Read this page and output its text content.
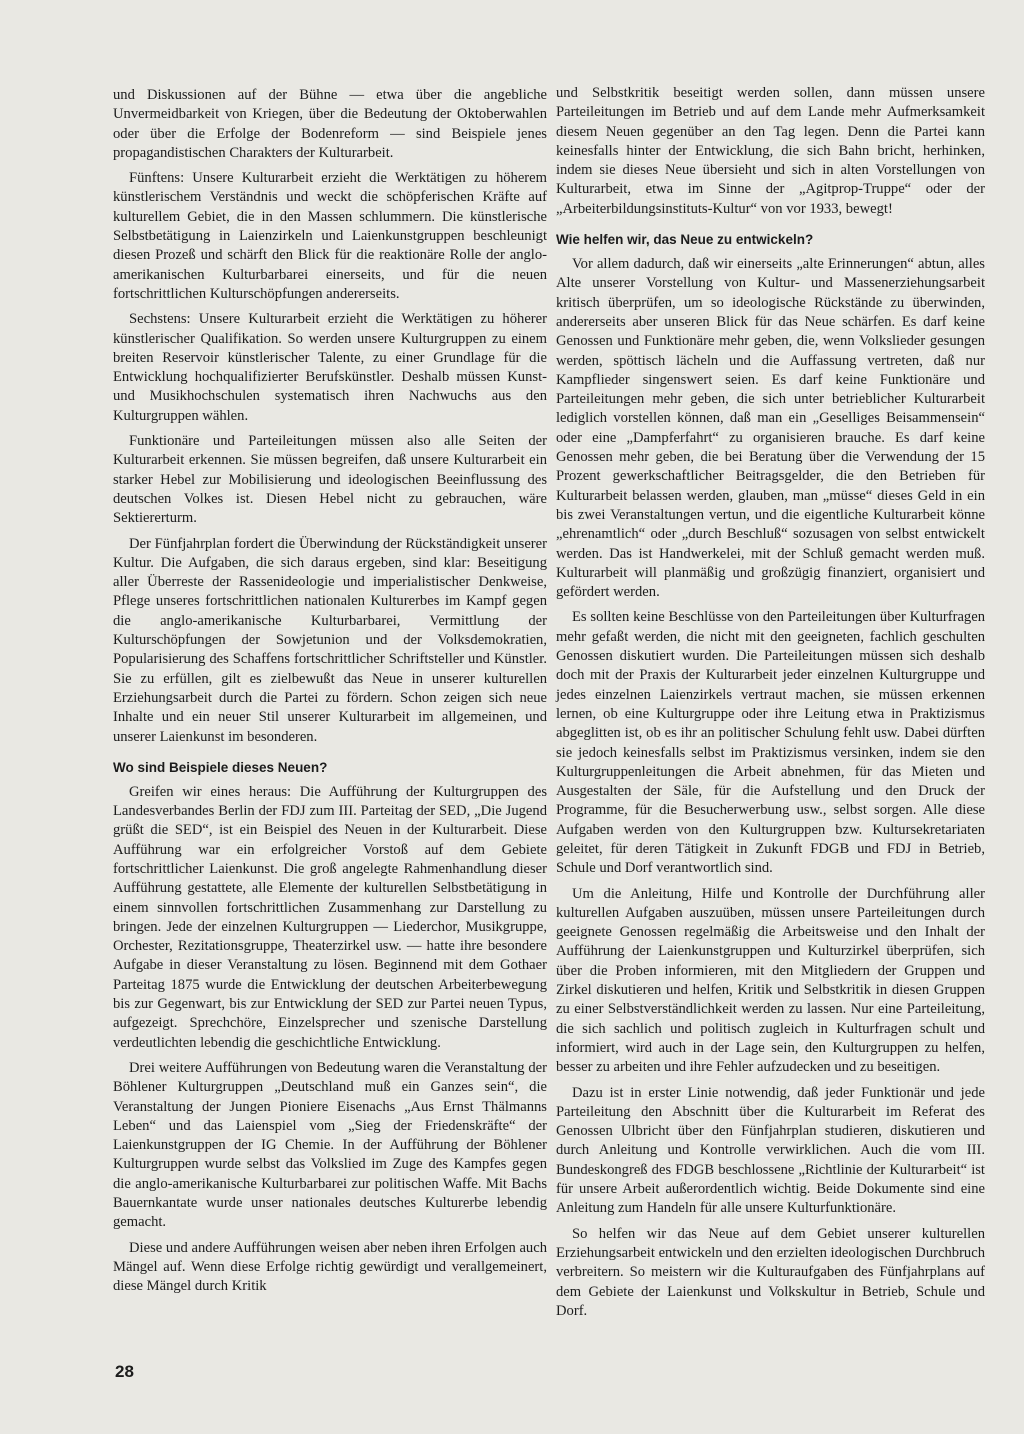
und Diskussionen auf der Bühne — etwa über die angebliche Unvermeidbarkeit von Kriegen, über die Bedeutung der Oktoberwahlen oder über die Erfolge der Bodenreform — sind Beispiele jenes propagandistischen Charakters der Kulturarbeit.

Fünftens: Unsere Kulturarbeit erzieht die Werktätigen zu höherem künstlerischem Verständnis und weckt die schöpferischen Kräfte auf kulturellem Gebiet, die in den Massen schlummern. Die künstlerische Selbstbetätigung in Laienzirkeln und Laienkunstgruppen beschleunigt diesen Prozeß und schärft den Blick für die reaktionäre Rolle der anglo-amerikanischen Kulturbarbarei einerseits, und für die neuen fortschrittlichen Kulturschöpfungen andererseits.

Sechstens: Unsere Kulturarbeit erzieht die Werktätigen zu höherer künstlerischer Qualifikation. So werden unsere Kulturgruppen zu einem breiten Reservoir künstlerischer Talente, zu einer Grundlage für die Entwicklung hochqualifizierter Berufskünstler. Deshalb müssen Kunst- und Musikhochschulen systematisch ihren Nachwuchs aus den Kulturgruppen wählen.

Funktionäre und Parteileitungen müssen also alle Seiten der Kulturarbeit erkennen. Sie müssen begreifen, daß unsere Kulturarbeit ein starker Hebel zur Mobilisierung und ideologischen Beeinflussung des deutschen Volkes ist. Diesen Hebel nicht zu gebrauchen, wäre Sektiererturm.

Der Fünfjahrplan fordert die Überwindung der Rückständigkeit unserer Kultur. Die Aufgaben, die sich daraus ergeben, sind klar: Beseitigung aller Überreste der Rassenideologie und imperialistischer Denkweise, Pflege unseres fortschrittlichen nationalen Kulturerbes im Kampf gegen die anglo-amerikanische Kulturbarbarei, Vermittlung der Kulturschöpfungen der Sowjetunion und der Volksdemokratien, Popularisierung des Schaffens fortschrittlicher Schriftsteller und Künstler. Sie zu erfüllen, gilt es zielbewußt das Neue in unserer kulturellen Erziehungsarbeit durch die Partei zu fördern. Schon zeigen sich neue Inhalte und ein neuer Stil unserer Kulturarbeit im allgemeinen, und unserer Laienkunst im besonderen.

Wo sind Beispiele dieses Neuen?

Greifen wir eines heraus: Die Aufführung der Kulturgruppen des Landesverbandes Berlin der FDJ zum III. Parteitag der SED, „Die Jugend grüßt die SED“, ist ein Beispiel des Neuen in der Kulturarbeit. Diese Aufführung war ein erfolgreicher Vorstoß auf dem Gebiete fortschrittlicher Laienkunst. Die groß angelegte Rahmenhandlung dieser Aufführung gestattete, alle Elemente der kulturellen Selbstbetätigung in einem sinnvollen fortschrittlichen Zusammenhang zur Darstellung zu bringen. Jede der einzelnen Kulturgruppen — Liederchor, Musikgruppe, Orchester, Rezitationsgruppe, Theaterzirkel usw. — hatte ihre besondere Aufgabe in dieser Veranstaltung zu lösen. Beginnend mit dem Gothaer Parteitag 1875 wurde die Entwicklung der deutschen Arbeiterbewegung bis zur Gegenwart, bis zur Entwicklung der SED zur Partei neuen Typus, aufgezeigt. Sprechchöre, Einzelsprecher und szenische Darstellung verdeutlichten lebendig die geschichtliche Entwicklung.

Drei weitere Aufführungen von Bedeutung waren die Veranstaltung der Böhlener Kulturgruppen „Deutschland muß ein Ganzes sein“, die Veranstaltung der Jungen Pioniere Eisenachs „Aus Ernst Thälmanns Leben“ und das Laienspiel vom „Sieg der Friedenskräfte“ der Laienkunstgruppen der IG Chemie. In der Aufführung der Böhlener Kulturgruppen wurde selbst das Volkslied im Zuge des Kampfes gegen die anglo-amerikanische Kulturbarbarei zur politischen Waffe. Mit Bachs Bauernkantate wurde unser nationales deutsches Kulturerbe lebendig gemacht.

Diese und andere Aufführungen weisen aber neben ihren Erfolgen auch Mängel auf. Wenn diese Erfolge richtig gewürdigt und verallgemeinert, diese Mängel durch Kritik

und Selbstkritik beseitigt werden sollen, dann müssen unsere Parteileitungen im Betrieb und auf dem Lande mehr Aufmerksamkeit diesem Neuen gegenüber an den Tag legen. Denn die Partei kann keinesfalls hinter der Entwicklung, die sich Bahn bricht, herhinken, indem sie dieses Neue übersieht und sich in alten Vorstellungen von Kulturarbeit, etwa im Sinne der „Agitprop-Truppe“ oder der „Arbeiterbildungsinstituts-Kultur“ von vor 1933, bewegt!

Wie helfen wir, das Neue zu entwickeln?

Vor allem dadurch, daß wir einerseits „alte Erinnerungen“ abtun, alles Alte unserer Vorstellung von Kultur- und Massenerziehungsarbeit kritisch überprüfen, um so ideologische Rückstände zu überwinden, andererseits aber unseren Blick für das Neue schärfen. Es darf keine Genossen und Funktionäre mehr geben, die, wenn Volkslieder gesungen werden, spöttisch lächeln und die Auffassung vertreten, daß nur Kampflieder singenswert seien. Es darf keine Funktionäre und Parteileitungen mehr geben, die sich unter betrieblicher Kulturarbeit lediglich vorstellen können, daß man ein „Geselliges Beisammensein“ oder eine „Dampferfahrt“ zu organisieren brauche. Es darf keine Genossen mehr geben, die bei Beratung über die Verwendung der 15 Prozent gewerkschaftlicher Beitragsgelder, die den Betrieben für Kulturarbeit belassen werden, glauben, man „müsse“ dieses Geld in ein bis zwei Veranstaltungen vertun, und die eigentliche Kulturarbeit könne „ehrenamtlich“ oder „durch Beschluß“ sozusagen von selbst entwickelt werden. Das ist Handwerkelei, mit der Schluß gemacht werden muß. Kulturarbeit will planmäßig und großzügig finanziert, organisiert und gefördert werden.

Es sollten keine Beschlüsse von den Parteileitungen über Kulturfragen mehr gefaßt werden, die nicht mit den geeigneten, fachlich geschulten Genossen diskutiert wurden. Die Parteileitungen müssen sich deshalb doch mit der Praxis der Kulturarbeit jeder einzelnen Kulturgruppe und jedes einzelnen Laienzirkels vertraut machen, sie müssen erkennen lernen, ob eine Kulturgruppe oder ihre Leitung etwa in Praktizismus abgeglitten ist, ob es ihr an politischer Schulung fehlt usw. Dabei dürften sie jedoch keinesfalls selbst im Praktizismus versinken, indem sie den Kulturgruppenleitungen die Arbeit abnehmen, für das Mieten und Ausgestalten der Säle, für die Aufstellung und den Druck der Programme, für die Besucherwerbung usw., selbst sorgen. Alle diese Aufgaben werden von den Kulturgruppen bzw. Kultursekretariaten geleitet, für deren Tätigkeit in Zukunft FDGB und FDJ in Betrieb, Schule und Dorf verantwortlich sind.

Um die Anleitung, Hilfe und Kontrolle der Durchführung aller kulturellen Aufgaben auszuüben, müssen unsere Parteileitungen durch geeignete Genossen regelmäßig die Arbeitsweise und den Inhalt der Aufführung der Laienkunstgruppen und Kulturzirkel überprüfen, sich über die Proben informieren, mit den Mitgliedern der Gruppen und Zirkel diskutieren und helfen, Kritik und Selbstkritik in diesen Gruppen zu einer Selbstverständlichkeit werden zu lassen. Nur eine Parteileitung, die sich sachlich und politisch zugleich in Kulturfragen schult und informiert, wird auch in der Lage sein, den Kulturgruppen zu helfen, besser zu arbeiten und ihre Fehler aufzudecken und zu beseitigen.

Dazu ist in erster Linie notwendig, daß jeder Funktionär und jede Parteileitung den Abschnitt über die Kulturarbeit im Referat des Genossen Ulbricht über den Fünfjahrplan studieren, diskutieren und durch Anleitung und Kontrolle verwirklichen. Auch die vom III. Bundeskongreß des FDGB beschlossene „Richtlinie der Kulturarbeit“ ist für unsere Arbeit außerordentlich wichtig. Beide Dokumente sind eine Anleitung zum Handeln für alle unsere Kulturfunktionäre.

So helfen wir das Neue auf dem Gebiet unserer kulturellen Erziehungsarbeit entwickeln und den erzielten ideologischen Durchbruch verbreitern. So meistern wir die Kulturaufgaben des Fünfjahrplans auf dem Gebiete der Laienkunst und Volkskultur in Betrieb, Schule und Dorf.

28
